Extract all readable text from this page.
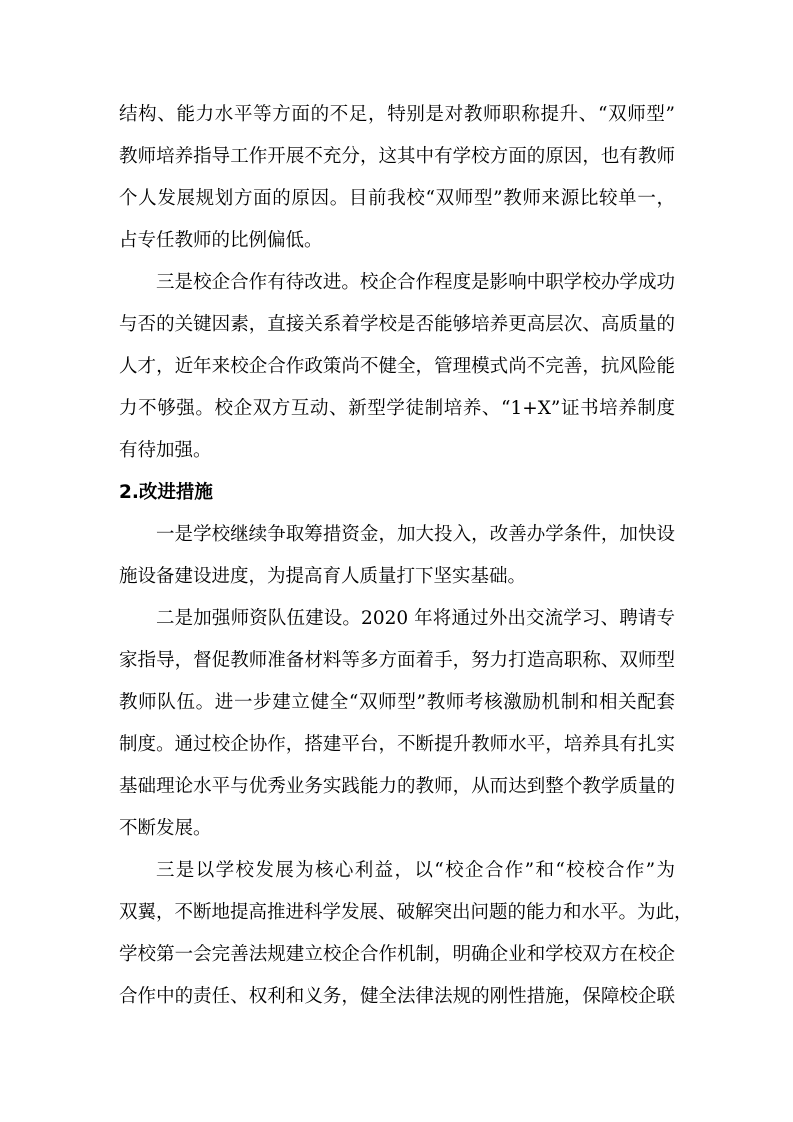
结构、能力水平等方面的不足，特别是对教师职称提升、“双师型”
教师培养指导工作开展不充分，这其中有学校方面的原因，也有教师
个人发展规划方面的原因。目前我校“双师型”教师来源比较单一，
占专任教师的比例偏低。
三是校企合作有待改进。校企合作程度是影响中职学校办学成功
与否的关键因素，直接关系着学校是否能够培养更高层次、高质量的
人才，近年来校企合作政策尚不健全，管理模式尚不完善，抗风险能
力不够强。校企双方互动、新型学徒制培养、“1+X”证书培养制度
有待加强。
2.改进措施
一是学校继续争取筹措资金，加大投入，改善办学条件，加快设
施设备建设进度，为提高育人质量打下坚实基础。
二是加强师资队伍建设。2020 年将通过外出交流学习、聘请专
家指导，督促教师准备材料等多方面着手，努力打造高职称、双师型
教师队伍。进一步建立健全“双师型”教师考核激励机制和相关配套
制度。通过校企协作，搭建平台，不断提升教师水平，培养具有扎实
基础理论水平与优秀业务实践能力的教师，从而达到整个教学质量的
不断发展。
三是以学校发展为核心利益，以“校企合作”和“校校合作”为
双翼，不断地提高推进科学发展、破解突出问题的能力和水平。为此，
学校第一会完善法规建立校企合作机制，明确企业和学校双方在校企
合作中的责任、权利和义务，健全法律法规的刚性措施，保障校企联
